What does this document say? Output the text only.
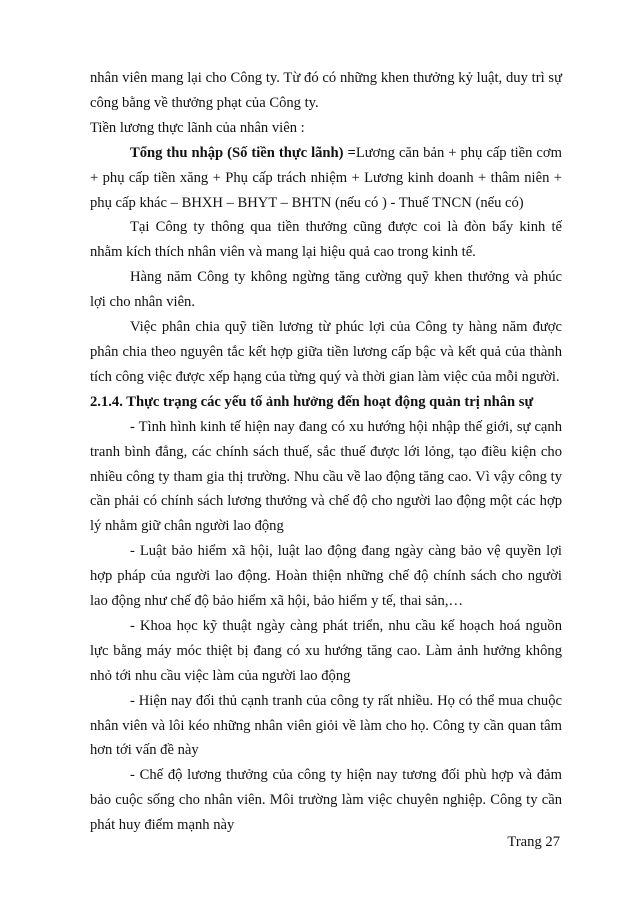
nhân viên mang lại cho Công ty. Từ đó có những khen thưởng kỷ luật, duy trì sự công bằng về thưởng phạt của Công ty.

Tiền lương thực lãnh của nhân viên :

Tổng thu nhập (Số tiền thực lãnh) =Lương căn bản + phụ cấp tiền cơm + phụ cấp tiền xăng + Phụ cấp trách nhiệm + Lương kinh doanh + thâm niên + phụ cấp khác – BHXH – BHYT – BHTN (nếu có ) - Thuế TNCN (nếu có)

Tại Công ty thông qua tiền thưởng cũng được coi là đòn bẩy kinh tế nhằm kích thích nhân viên và mang lại hiệu quả cao trong kinh tế.

Hàng năm Công ty không ngừng tăng cường quỹ khen thưởng và phúc lợi cho nhân viên.

Việc phân chia quỹ tiền lương từ phúc lợi của Công ty hàng năm được phân chia theo nguyên tắc kết hợp giữa tiền lương cấp bậc và kết quả của thành tích công việc được xếp hạng của từng quý và thời gian làm việc của mỗi người.

2.1.4. Thực trạng các yếu tố ảnh hưởng đến hoạt động quản trị nhân sự

- Tình hình kinh tế hiện nay đang có xu hướng hội nhập thế giới, sự cạnh tranh bình đẳng, các chính sách thuế, sắc thuế được lới lỏng, tạo điều kiện cho nhiều công ty tham gia thị trường. Nhu cầu về lao động tăng cao. Vì vậy công ty cần phải có chính sách lương thưởng và chế độ cho người lao động một các hợp lý nhằm giữ chân người lao động

- Luật bảo hiểm xã hội, luật lao động đang ngày càng bảo vệ quyền lợi hợp pháp của người lao động. Hoàn thiện những chế độ chính sách cho người lao động như chế độ bảo hiểm xã hội, bảo hiểm y tế, thai sản,…

- Khoa học kỹ thuật ngày càng phát triển, nhu cầu kế hoạch hoá nguồn lực bằng máy móc thiệt bị đang có xu hướng tăng cao. Làm ảnh hưởng không nhỏ tới nhu cầu việc làm của người lao động

- Hiện nay đối thủ cạnh tranh của công ty rất nhiều. Họ có thể mua chuộc nhân viên và lôi kéo những nhân viên giỏi về làm cho họ. Công ty cần quan tâm hơn tới vấn đề này

- Chế độ lương thưởng của công ty hiện nay tương đối phù hợp và đảm bảo cuộc sống cho nhân viên. Môi trường làm việc chuyên nghiệp. Công ty cần phát huy điểm mạnh này

Trang 27
